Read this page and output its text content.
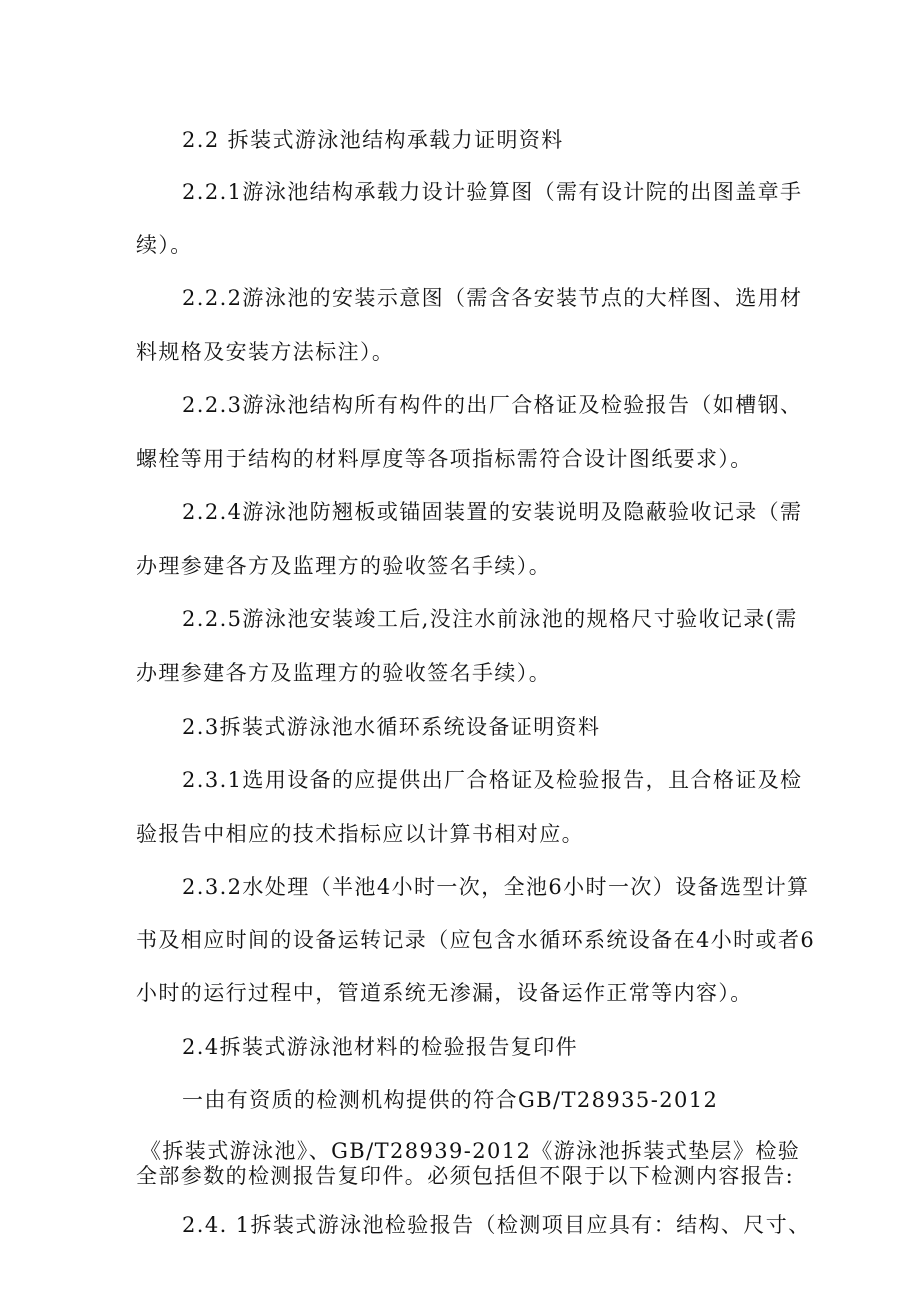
2.2 拆装式游泳池结构承载力证明资料
2.2.1游泳池结构承载力设计验算图（需有设计院的出图盖章手
续）。
2.2.2游泳池的安装示意图（需含各安装节点的大样图、选用材
料规格及安装方法标注）。
2.2.3游泳池结构所有构件的出厂合格证及检验报告（如槽钢、
螺栓等用于结构的材料厚度等各项指标需符合设计图纸要求）。
2.2.4游泳池防翘板或锚固装置的安装说明及隐蔽验收记录（需
办理参建各方及监理方的验收签名手续）。
2.2.5游泳池安装竣工后,没注水前泳池的规格尺寸验收记录(需
办理参建各方及监理方的验收签名手续）。
2.3拆装式游泳池水循环系统设备证明资料
2.3.1选用设备的应提供出厂合格证及检验报告，且合格证及检
验报告中相应的技术指标应以计算书相对应。
2.3.2水处理（半池4小时一次，全池6小时一次）设备选型计算
书及相应时间的设备运转记录（应包含水循环系统设备在4小时或者6
小时的运行过程中，管道系统无渗漏，设备运作正常等内容）。
2.4拆装式游泳池材料的检验报告复印件
一由有资质的检测机构提供的符合GB/T28935-2012
《拆装式游泳池》、GB/T28939-2012《游泳池拆装式垫层》检验
全部参数的检测报告复印件。必须包括但不限于以下检测内容报告:
2.4. 1拆装式游泳池检验报告（检测项目应具有：结构、尺寸、
